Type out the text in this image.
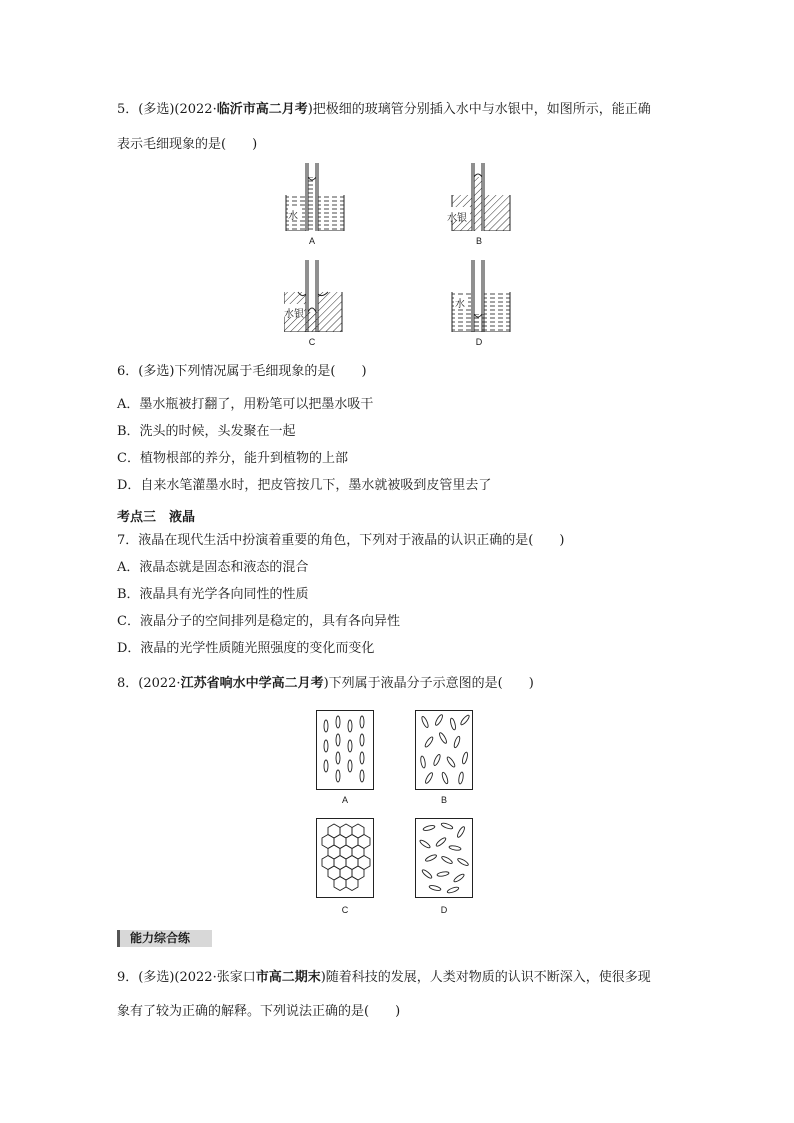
5．(多选)(2022·临沂市高二月考)把极细的玻璃管分别插入水中与水银中，如图所示，能正确
表示毛细现象的是(　　)
水
A
水银
B
水银
C
水
D
6．(多选)下列情况属于毛细现象的是(　　)
A．墨水瓶被打翻了，用粉笔可以把墨水吸干
B．洗头的时候，头发聚在一起
C．植物根部的养分，能升到植物的上部
D．自来水笔灌墨水时，把皮管按几下，墨水就被吸到皮管里去了
考点三　液晶
7．液晶在现代生活中扮演着重要的角色，下列对于液晶的认识正确的是(　　)
A．液晶态就是固态和液态的混合
B．液晶具有光学各向同性的性质
C．液晶分子的空间排列是稳定的，具有各向异性
D．液晶的光学性质随光照强度的变化而变化
8．(2022·江苏省响水中学高二月考)下列属于液晶分子示意图的是(　　)
A	B
C	D
能力综合练
9．(多选)(2022·张家口市高二期末)随着科技的发展，人类对物质的认识不断深入，使很多现
象有了较为正确的解释。下列说法正确的是(　　)
